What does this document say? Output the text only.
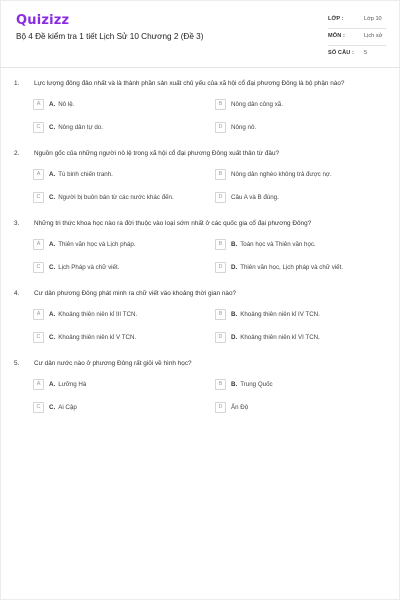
Quizizz
Bộ 4 Đề kiểm tra 1 tiết Lịch Sử 10 Chương 2 (Đề 3)
LỚP :	Lớp 10
MÔN :	Lịch sử
SỐ CÂU : 5
1. Lực lượng đông đảo nhất và là thành phần sản xuất chủ yếu của xã hội cổ đại phương Đông là bộ phận nào?
A	A. Nô lệ.	B	Nông dân công xã.
C	C. Nông dân tự do.	D	Nông nô.
2. Nguồn gốc của những người nô lệ trong xã hội cổ đại phương Đông xuất thân từ đâu?
A	A. Tù binh chiến tranh.	B	Nông dân nghèo không trả được nợ.
C	C. Người bị buôn bán từ các nước khác đến.	D	Câu A và B đúng.
3. Những tri thức khoa học nào ra đời thuộc vào loại sớm nhất ở các quốc gia cổ đại phương Đông?
A	A. Thiên văn học và Lịch pháp.	B	B. Toán học và Thiên văn học.
C	C. Lịch Pháp và chữ viết.	D	D. Thiên văn học, Lịch pháp và chữ viết.
4. Cư dân phương Đông phát minh ra chữ viết vào khoảng thời gian nào?
A	A. Khoảng thiên niên kỉ III TCN.	B	B. Khoảng thiên niên kỉ IV TCN.
C	C. Khoảng thiên niên kỉ V TCN.	D	D. Khoảng thiên niên kỉ VI TCN.
5. Cư dân nước nào ở phương Đông rất giỏi về hình học?
A	A. Lưỡng Hà	B	B. Trung Quốc
C	C. Ai Cập	D	Ấn Độ
